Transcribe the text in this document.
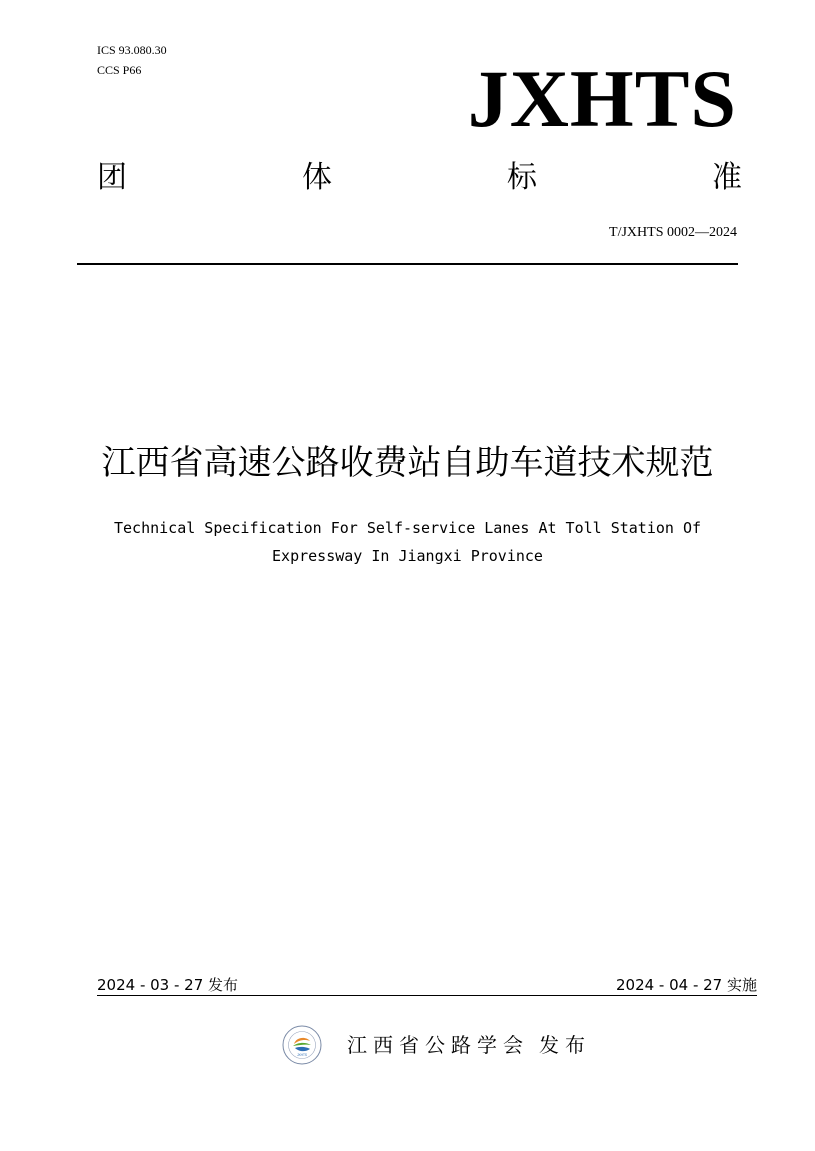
ICS 93.080.30
CCS P66	JXHTS
团	体	标	准
T/JXHTS 0002—2024
江西省高速公路收费站自助车道技术规范
Technical Specification For Self-service Lanes At Toll Station Of
Expressway In Jiangxi Province
2024 - 03 - 27 发布	2024 - 04 - 27 实施
JXHTS 江西省公路学会 发布
